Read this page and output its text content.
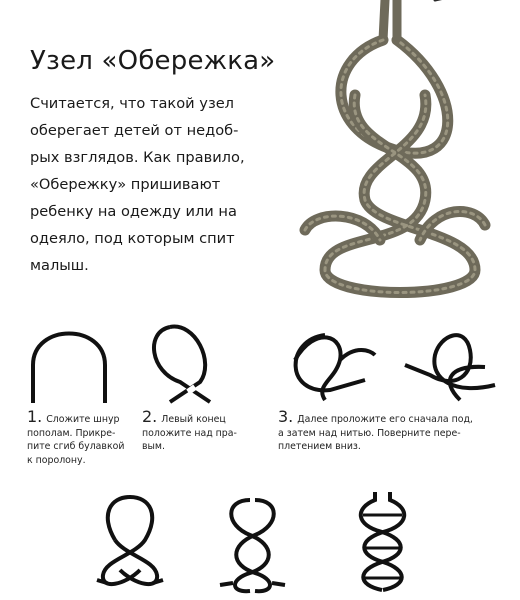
Узел «Обережка»
Считается, что такой узел
оберегает детей от недоб-
рых взглядов. Как правило,
«Обережку» пришивают
ребенку на одежду или на
одеяло, под которым спит
малыш.
1. Сложите шнур
пополам. Прикре-
пите сгиб булавкой
к поролону.
2. Левый конец
положите над пра-
вым.
3. Далее проложите его сначала под,
а затем над нитью. Поверните пере-
плетением вниз.
